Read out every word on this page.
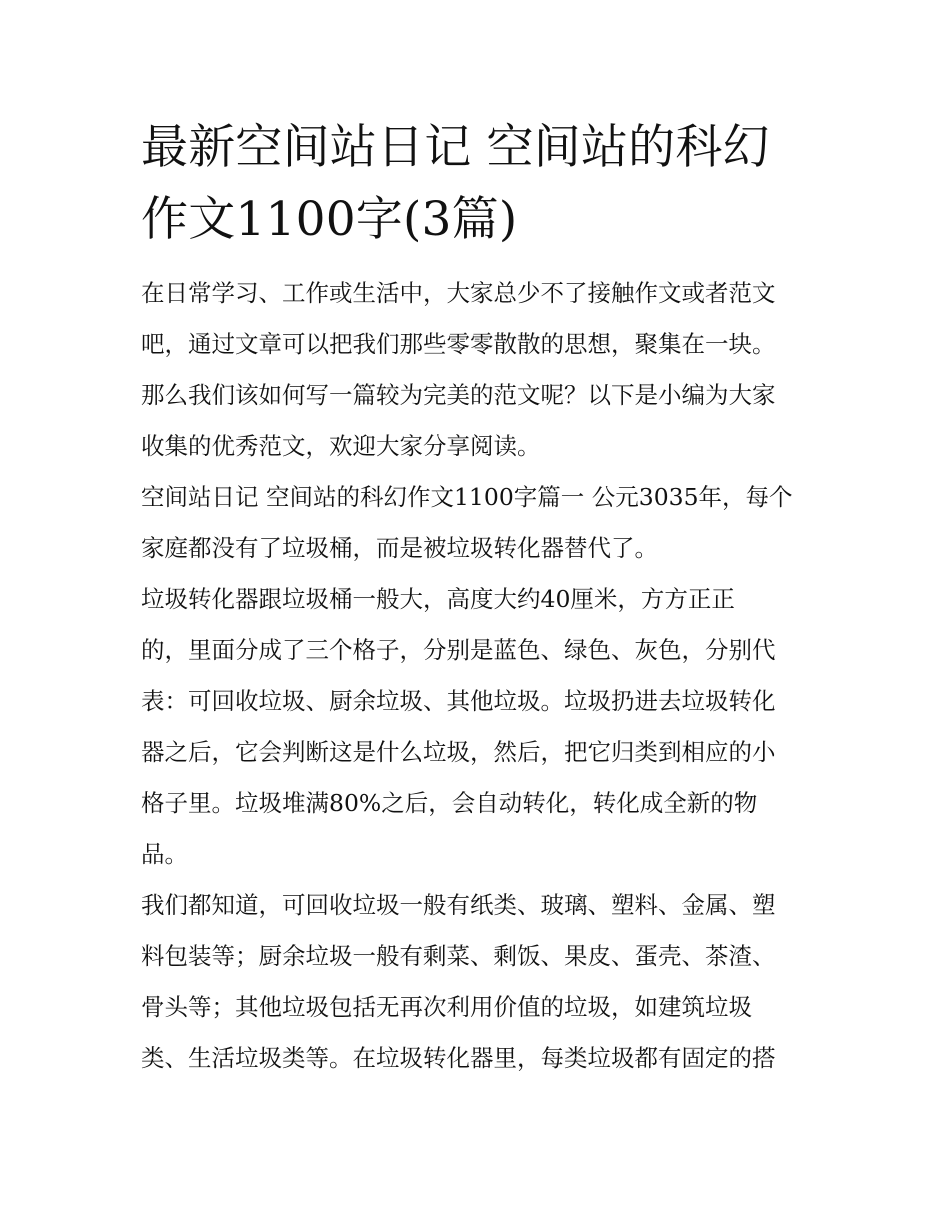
最新空间站日记 空间站的科幻
作文1100字(3篇)

在日常学习、工作或生活中，大家总少不了接触作文或者范文
吧，通过文章可以把我们那些零零散散的思想，聚集在一块。
那么我们该如何写一篇较为完美的范文呢？以下是小编为大家
收集的优秀范文，欢迎大家分享阅读。

空间站日记 空间站的科幻作文1100字篇一 公元3035年，每个
家庭都没有了垃圾桶，而是被垃圾转化器替代了。

垃圾转化器跟垃圾桶一般大，高度大约40厘米，方方正正
的，里面分成了三个格子，分别是蓝色、绿色、灰色，分别代
表：可回收垃圾、厨余垃圾、其他垃圾。垃圾扔进去垃圾转化
器之后，它会判断这是什么垃圾，然后，把它归类到相应的小
格子里。垃圾堆满80%之后，会自动转化，转化成全新的物
品。

我们都知道，可回收垃圾一般有纸类、玻璃、塑料、金属、塑
料包装等；厨余垃圾一般有剩菜、剩饭、果皮、蛋壳、茶渣、
骨头等；其他垃圾包括无再次利用价值的垃圾，如建筑垃圾
类、生活垃圾类等。在垃圾转化器里，每类垃圾都有固定的搭
